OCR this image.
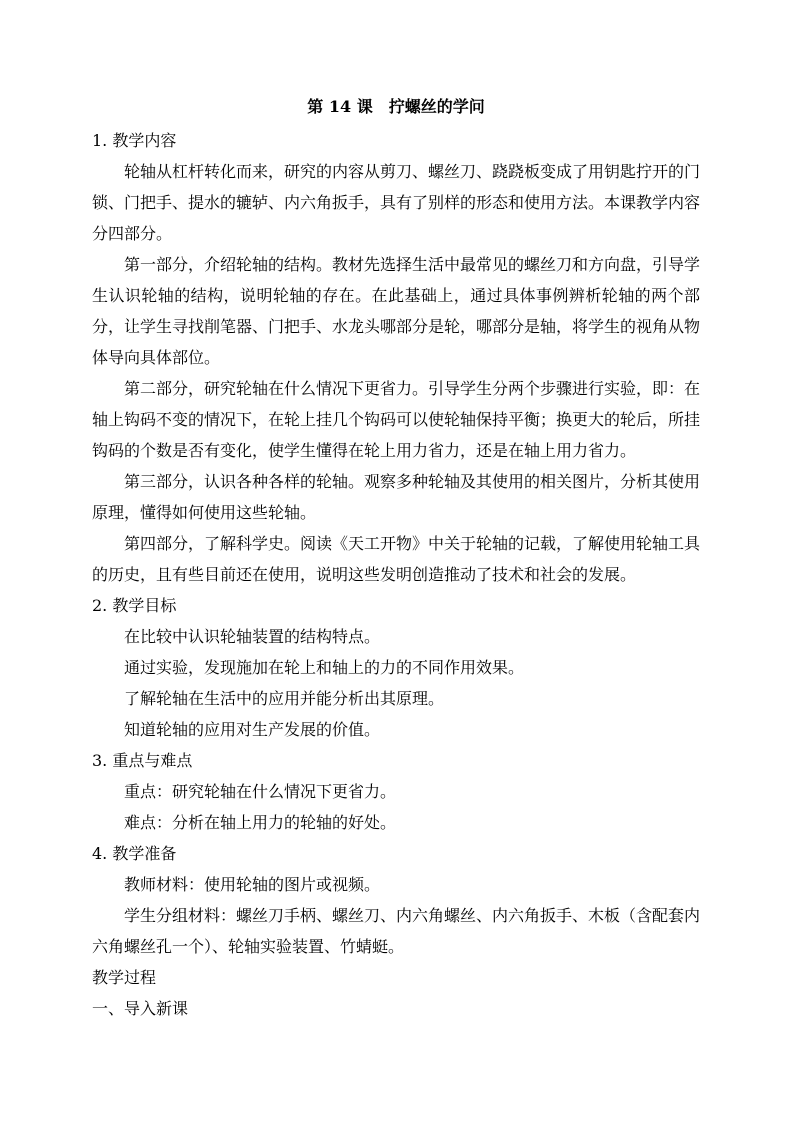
第 14 课　拧螺丝的学问
1. 教学内容

轮轴从杠杆转化而来，研究的内容从剪刀、螺丝刀、跷跷板变成了用钥匙拧开的门锁、门把手、提水的辘轳、内六角扳手，具有了别样的形态和使用方法。本课教学内容分四部分。

第一部分，介绍轮轴的结构。教材先选择生活中最常见的螺丝刀和方向盘，引导学生认识轮轴的结构，说明轮轴的存在。在此基础上，通过具体事例辨析轮轴的两个部分，让学生寻找削笔器、门把手、水龙头哪部分是轮，哪部分是轴，将学生的视角从物体导向具体部位。

第二部分，研究轮轴在什么情况下更省力。引导学生分两个步骤进行实验，即：在轴上钩码不变的情况下，在轮上挂几个钩码可以使轮轴保持平衡；换更大的轮后，所挂钩码的个数是否有变化，使学生懂得在轮上用力省力，还是在轴上用力省力。

第三部分，认识各种各样的轮轴。观察多种轮轴及其使用的相关图片，分析其使用原理，懂得如何使用这些轮轴。

第四部分，了解科学史。阅读《天工开物》中关于轮轴的记载，了解使用轮轴工具的历史，且有些目前还在使用，说明这些发明创造推动了技术和社会的发展。

2. 教学目标

在比较中认识轮轴装置的结构特点。

通过实验，发现施加在轮上和轴上的力的不同作用效果。

了解轮轴在生活中的应用并能分析出其原理。

知道轮轴的应用对生产发展的价值。

3. 重点与难点

重点：研究轮轴在什么情况下更省力。

难点：分析在轴上用力的轮轴的好处。

4. 教学准备

教师材料：使用轮轴的图片或视频。

学生分组材料：螺丝刀手柄、螺丝刀、内六角螺丝、内六角扳手、木板（含配套内六角螺丝孔一个）、轮轴实验装置、竹蜻蜓。

教学过程
一、导入新课
